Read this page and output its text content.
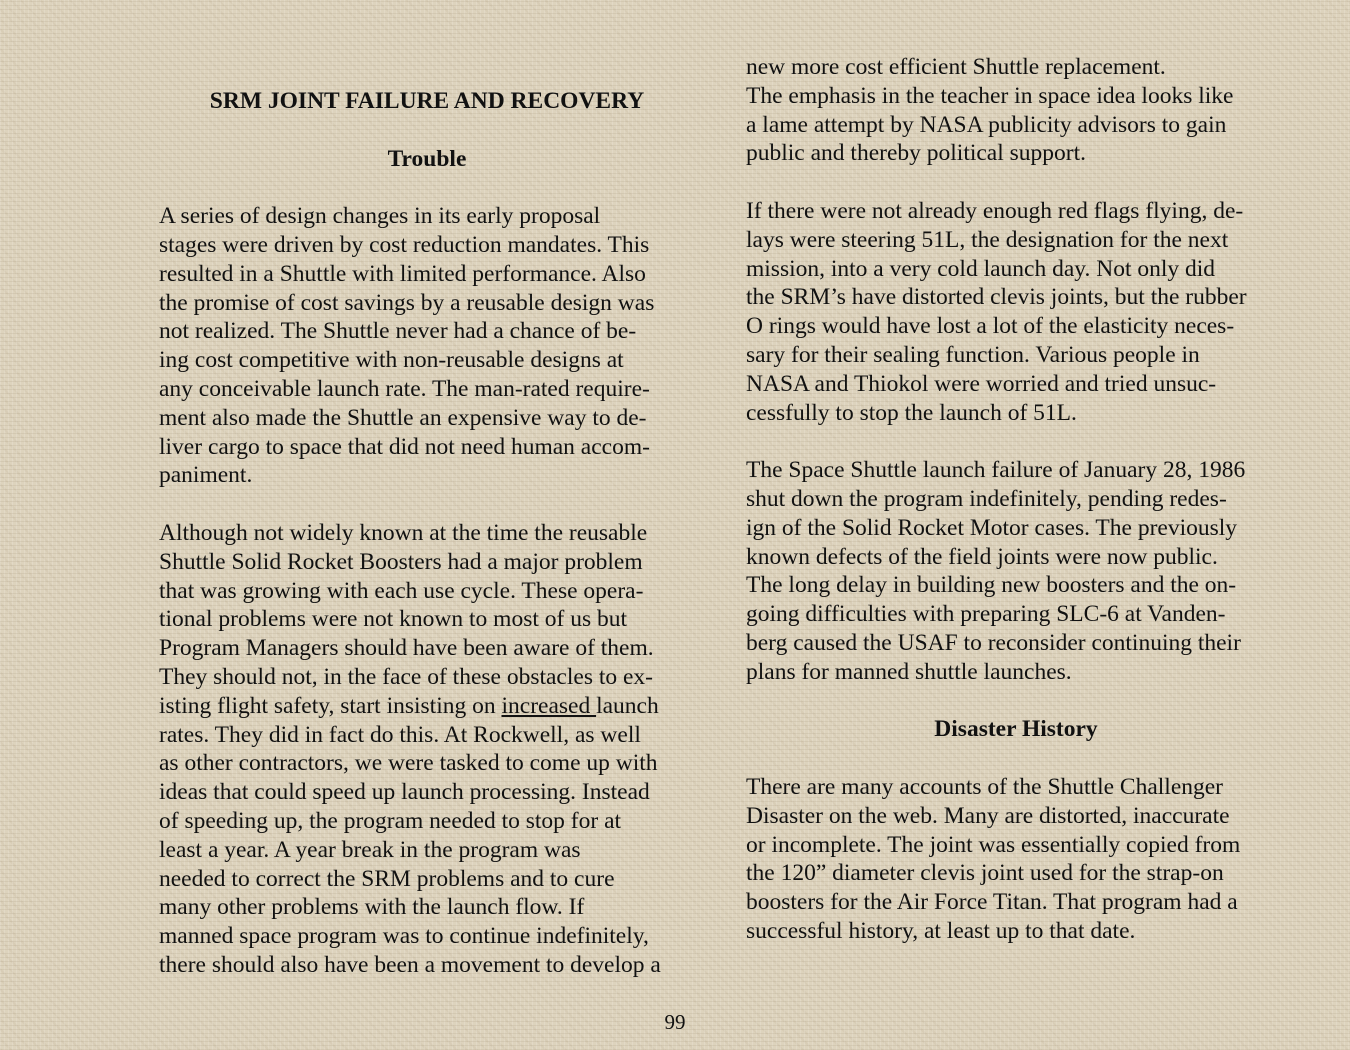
SRM JOINT FAILURE AND RECOVERY
Trouble
A series of design changes in its early proposal
stages were driven by cost reduction mandates. This
resulted in a Shuttle with limited performance. Also
the promise of cost savings by a reusable design was
not realized. The Shuttle never had a chance of be-
ing cost competitive with non-reusable designs at
any conceivable launch rate. The man-rated require-
ment also made the Shuttle an expensive way to de-
liver cargo to space that did not need human accom-
paniment.
Although not widely known at the time the reusable
Shuttle Solid Rocket Boosters had a major problem
that was growing with each use cycle. These opera-
tional problems were not known to most of us but
Program Managers should have been aware of them.
They should not, in the face of these obstacles to ex-
isting flight safety, start insisting on increased launch
rates. They did in fact do this. At Rockwell, as well
as other contractors, we were tasked to come up with
ideas that could speed up launch processing. Instead
of speeding up, the program needed to stop for at
least a year. A year break in the program was
needed to correct the SRM problems and to cure
many other problems with the launch flow. If
manned space program was to continue indefinitely,
there should also have been a movement to develop a
new more cost efficient Shuttle replacement.
The emphasis in the teacher in space idea looks like
a lame attempt by NASA publicity advisors to gain
public and thereby political support.
If there were not already enough red flags flying, de-
lays were steering 51L, the designation for the next
mission, into a very cold launch day. Not only did
the SRM’s have distorted clevis joints, but the rubber
O rings would have lost a lot of the elasticity neces-
sary for their sealing function. Various people in
NASA and Thiokol were worried and tried unsuc-
cessfully to stop the launch of 51L.
The Space Shuttle launch failure of January 28, 1986
shut down the program indefinitely, pending redes-
ign of the Solid Rocket Motor cases. The previously
known defects of the field joints were now public.
The long delay in building new boosters and the on-
going difficulties with preparing SLC-6 at Vanden-
berg caused the USAF to reconsider continuing their
plans for manned shuttle launches.
Disaster History
There are many accounts of the Shuttle Challenger
Disaster on the web. Many are distorted, inaccurate
or incomplete. The joint was essentially copied from
the 120” diameter clevis joint used for the strap-on
boosters for the Air Force Titan. That program had a
successful history, at least up to that date.
99
